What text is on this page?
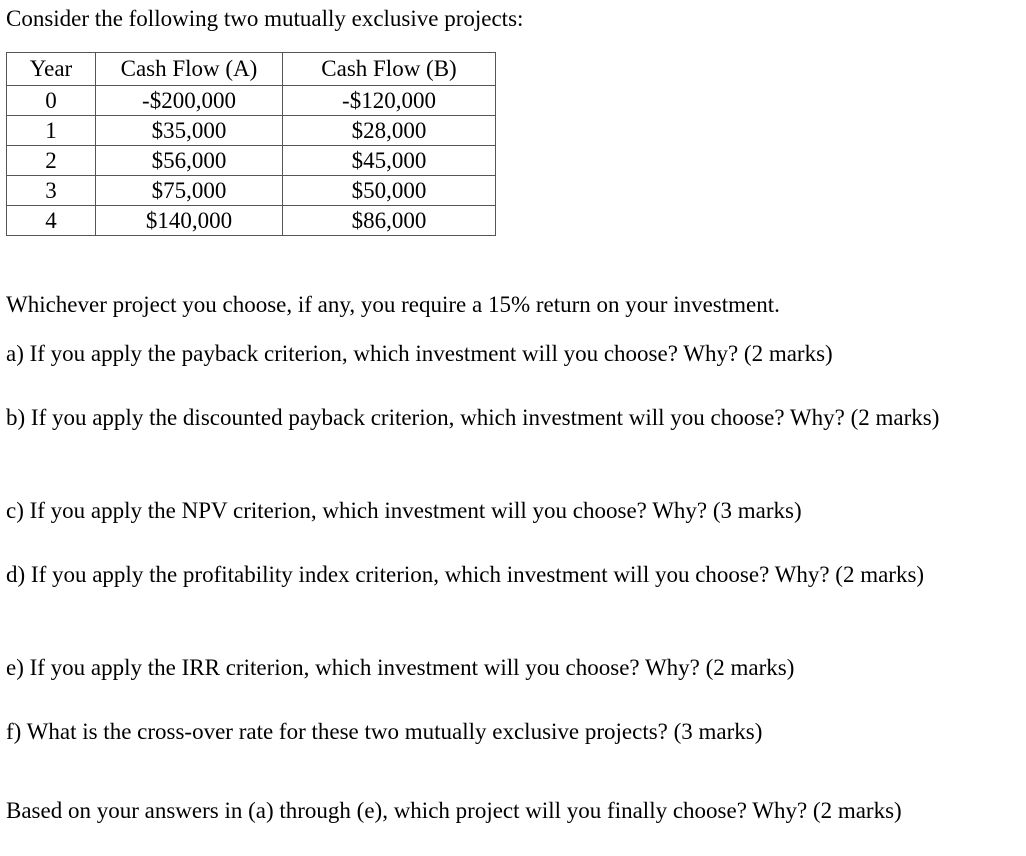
Consider the following two mutually exclusive projects:
Year	Cash Flow (A)	Cash Flow (B)
0	-$200,000	-$120,000
1	$35,000	$28,000
2	$56,000	$45,000
3	$75,000	$50,000
4	$140,000	$86,000
Whichever project you choose, if any, you require a 15% return on your investment.
a) If you apply the payback criterion, which investment will you choose? Why? (2 marks)
b) If you apply the discounted payback criterion, which investment will you choose? Why? (2 marks)
c) If you apply the NPV criterion, which investment will you choose? Why? (3 marks)
d) If you apply the profitability index criterion, which investment will you choose? Why? (2 marks)
e) If you apply the IRR criterion, which investment will you choose? Why? (2 marks)
f) What is the cross-over rate for these two mutually exclusive projects? (3 marks)
Based on your answers in (a) through (e), which project will you finally choose? Why? (2 marks)
